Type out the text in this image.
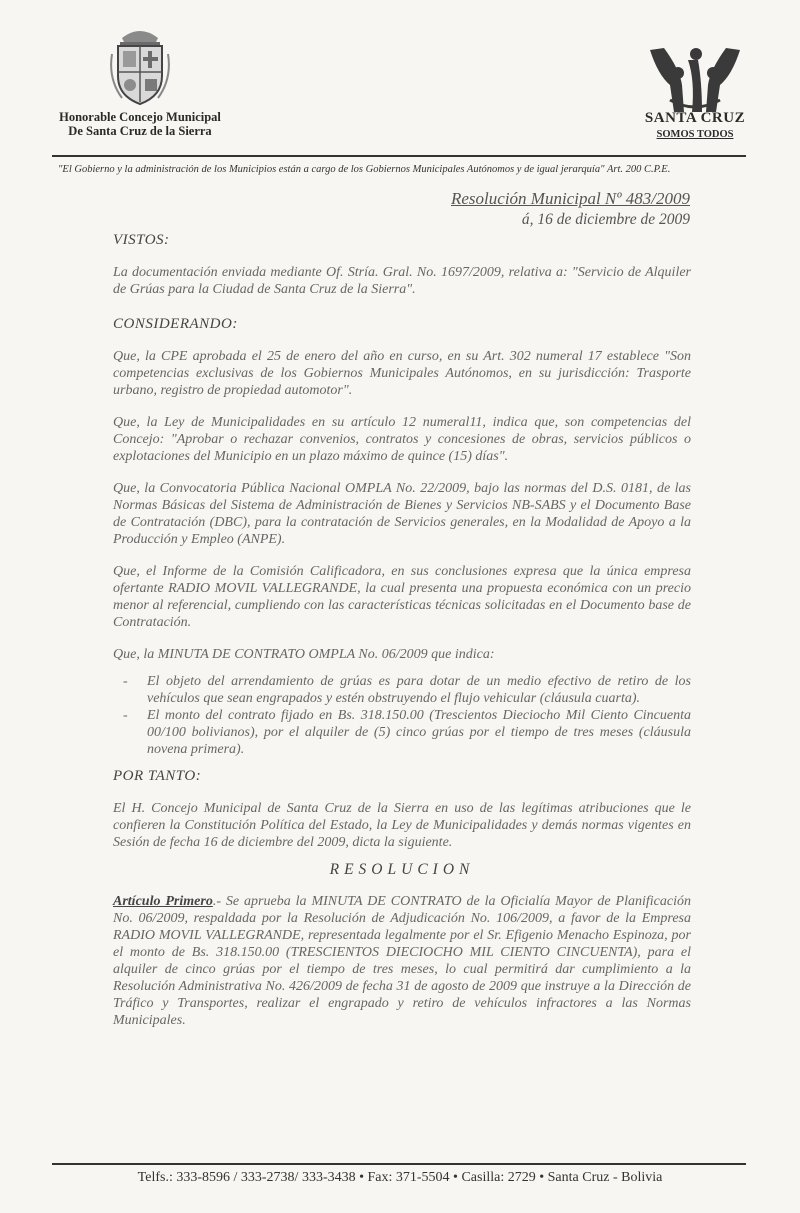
Honorable Concejo Municipal
De Santa Cruz de la Sierra
SANTA CRUZ
SOMOS TODOS
"El Gobierno y la administración de los Municipios están a cargo de los Gobiernos Municipales Autónomos y de igual jerarquía" Art. 200 C.P.E.
Resolución Municipal Nº 483/2009
á, 16 de diciembre de 2009

VISTOS:

La documentación enviada mediante Of. Stría. Gral. No. 1697/2009, relativa a: "Servicio de Alquiler de Grúas para la Ciudad de Santa Cruz de la Sierra".

CONSIDERANDO:

Que, la CPE aprobada el 25 de enero del año en curso, en su Art. 302 numeral 17 establece "Son competencias exclusivas de los Gobiernos Municipales Autónomos, en su jurisdicción: Trasporte urbano, registro de propiedad automotor".

Que, la Ley de Municipalidades en su artículo 12 numeral11, indica que, son competencias del Concejo: "Aprobar o rechazar convenios, contratos y concesiones de obras, servicios públicos o explotaciones del Municipio en un plazo máximo de quince (15) días".

Que, la Convocatoria Pública Nacional OMPLA No. 22/2009, bajo las normas del D.S. 0181, de las Normas Básicas del Sistema de Administración de Bienes y Servicios NB-SABS y el Documento Base de Contratación (DBC), para la contratación de Servicios generales, en la Modalidad de Apoyo a la Producción y Empleo (ANPE).

Que, el Informe de la Comisión Calificadora, en sus conclusiones expresa que la única empresa ofertante RADIO MOVIL VALLEGRANDE, la cual presenta una propuesta económica con un precio menor al referencial, cumpliendo con las características técnicas solicitadas en el Documento base de Contratación.

Que, la MINUTA DE CONTRATO OMPLA No. 06/2009 que indica:

- El objeto del arrendamiento de grúas es para dotar de un medio efectivo de retiro de los vehículos que sean engrapados y estén obstruyendo el flujo vehicular (cláusula cuarta).
- El monto del contrato fijado en Bs. 318.150.00 (Trescientos Dieciocho Mil Ciento Cincuenta 00/100 bolivianos), por el alquiler de (5) cinco grúas por el tiempo de tres meses (cláusula novena primera).

POR TANTO:

El H. Concejo Municipal de Santa Cruz de la Sierra en uso de las legítimas atribuciones que le confieren la Constitución Política del Estado, la Ley de Municipalidades y demás normas vigentes en Sesión de fecha 16 de diciembre del 2009, dicta la siguiente.

RESOLUCION

Artículo Primero.- Se aprueba la MINUTA DE CONTRATO de la Oficialía Mayor de Planificación No. 06/2009, respaldada por la Resolución de Adjudicación No. 106/2009, a favor de la Empresa RADIO MOVIL VALLEGRANDE, representada legalmente por el Sr. Efigenio Menacho Espinoza, por el monto de Bs. 318.150.00 (TRESCIENTOS DIECIOCHO MIL CIENTO CINCUENTA), para el alquiler de cinco grúas por el tiempo de tres meses, lo cual permitirá dar cumplimiento a la Resolución Administrativa No. 426/2009 de fecha 31 de agosto de 2009 que instruye a la Dirección de Tráfico y Transportes, realizar el engrapado y retiro de vehículos infractores a las Normas Municipales.

Telfs.: 333-8596 / 333-2738/ 333-3438 • Fax: 371-5504 • Casilla: 2729 • Santa Cruz - Bolivia
